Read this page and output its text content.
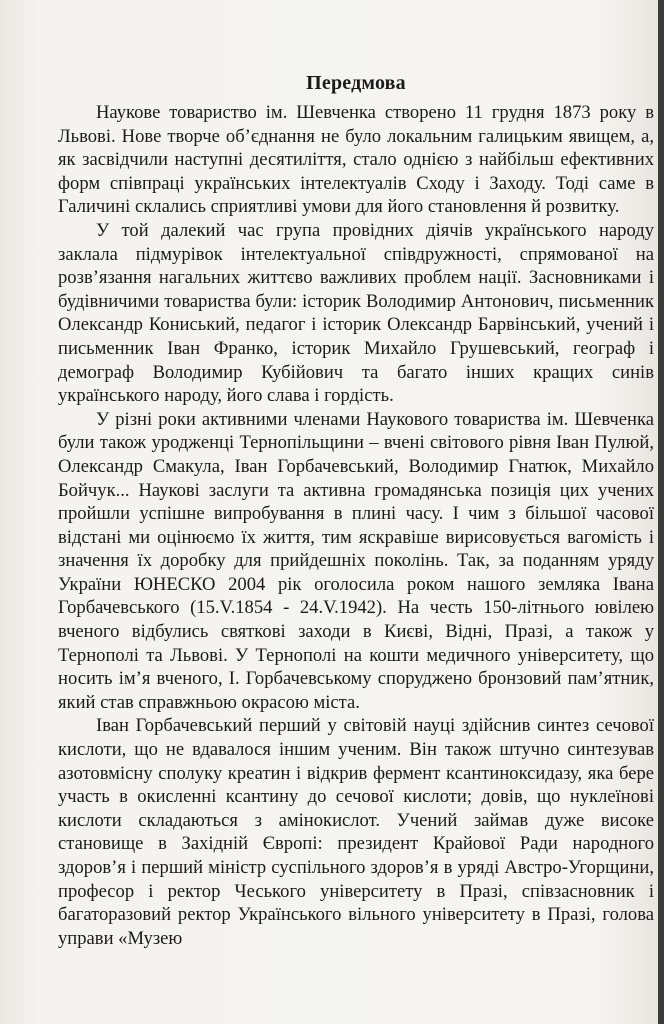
Передмова

Наукове товариство ім. Шевченка створено 11 грудня 1873 року в Львові. Нове творче об’єднання не було локальним галицьким явищем, а, як засвідчили наступні десятиліття, стало однією з найбільш ефективних форм співпраці українських інтелектуалів Сходу і Заходу. Тоді саме в Галичині склались сприятливі умови для його становлення й розвитку.

У той далекий час група провідних діячів українського народу заклала підмурівок інтелектуальної співдружності, спрямованої на розв’язання нагальних життєво важливих проблем нації. Засновниками і будівничими товариства були: історик Володимир Антонович, письменник Олександр Кониський, педагог і історик Олександр Барвінський, учений і письменник Іван Франко, історик Михайло Грушевський, географ і демограф Володимир Кубійович та багато інших кращих синів українського народу, його слава і гордість.

У різні роки активними членами Наукового товариства ім. Шевченка були також уродженці Тернопільщини – вчені світового рівня Іван Пулюй, Олександр Смакула, Іван Горбачевський, Володимир Гнатюк, Михайло Бойчук... Наукові заслуги та активна громадянська позиція цих учених пройшли успішне випробування в плині часу. І чим з більшої часової відстані ми оцінюємо їх життя, тим яскравіше вирисовується вагомість і значення їх доробку для прийдешніх поколінь. Так, за поданням уряду України ЮНЕСКО 2004 рік оголосила роком нашого земляка Івана Горбачевського (15.V.1854 - 24.V.1942). На честь 150-літнього ювілею вченого відбулись святкові заходи в Києві, Відні, Празі, а також у Тернополі та Львові. У Тернополі на кошти медичного університету, що носить ім’я вченого, І. Горбачевському споруджено бронзовий пам’ятник, який став справжньою окрасою міста.

Іван Горбачевський перший у світовій науці здійснив синтез сечової кислоти, що не вдавалося іншим ученим. Він також штучно синтезував азотовмісну сполуку креатин і відкрив фермент ксантиноксидазу, яка бере участь в окисленні ксантину до сечової кислоти; довів, що нуклеїнові кислоти складаються з амінокислот. Учений займав дуже високе становище в Західній Європі: президент Крайової Ради народного здоров’я і перший міністр суспільного здоров’я в уряді Австро-Угорщини, професор і ректор Чеського університету в Празі, співзасновник і багаторазовий ректор Українського вільного університету в Празі, голова управи «Музею
